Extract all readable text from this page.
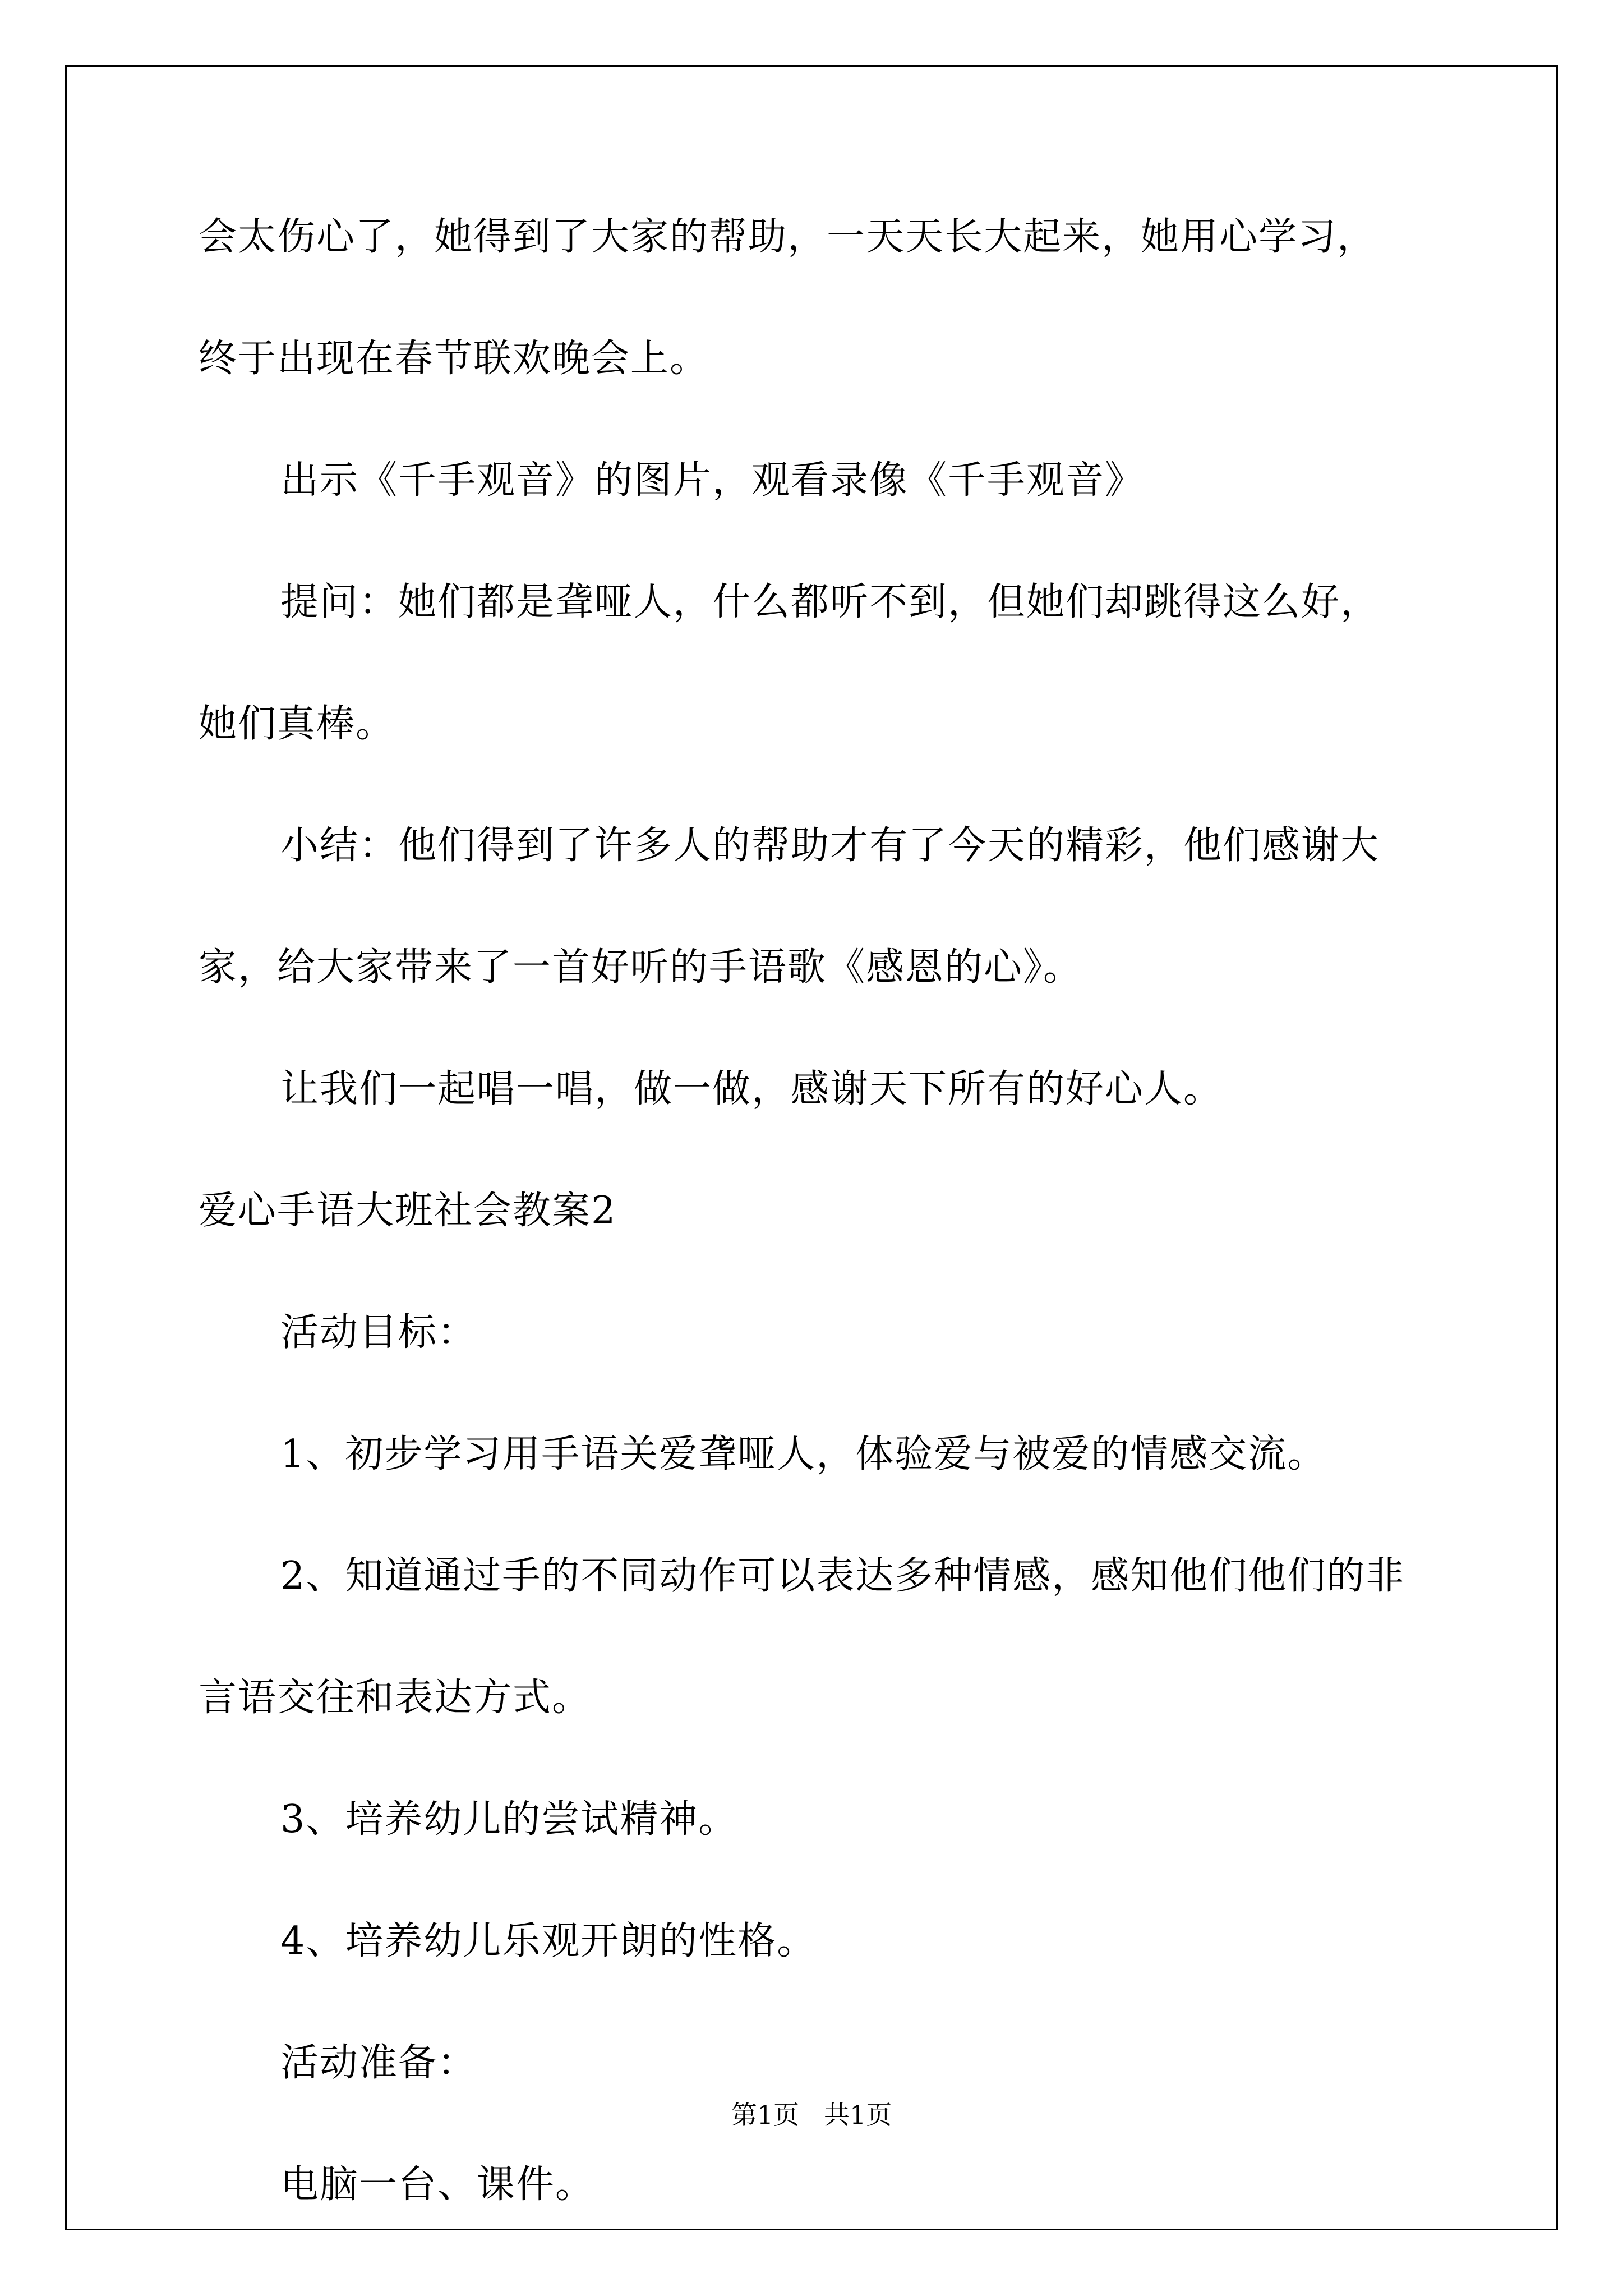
会太伤心了，她得到了大家的帮助，一天天长大起来，她用心学习，
终于出现在春节联欢晚会上。
出示《千手观音》的图片，观看录像《千手观音》
提问：她们都是聋哑人，什么都听不到，但她们却跳得这么好，
她们真棒。
小结：他们得到了许多人的帮助才有了今天的精彩，他们感谢大
家，给大家带来了一首好听的手语歌《感恩的心》。
让我们一起唱一唱，做一做，感谢天下所有的好心人。
爱心手语大班社会教案2
活动目标：
1、初步学习用手语关爱聋哑人，体验爱与被爱的情感交流。
2、知道通过手的不同动作可以表达多种情感，感知他们他们的非
言语交往和表达方式。
3、培养幼儿的尝试精神。
4、培养幼儿乐观开朗的性格。
活动准备：
电脑一台、课件。
第1页 共1页
